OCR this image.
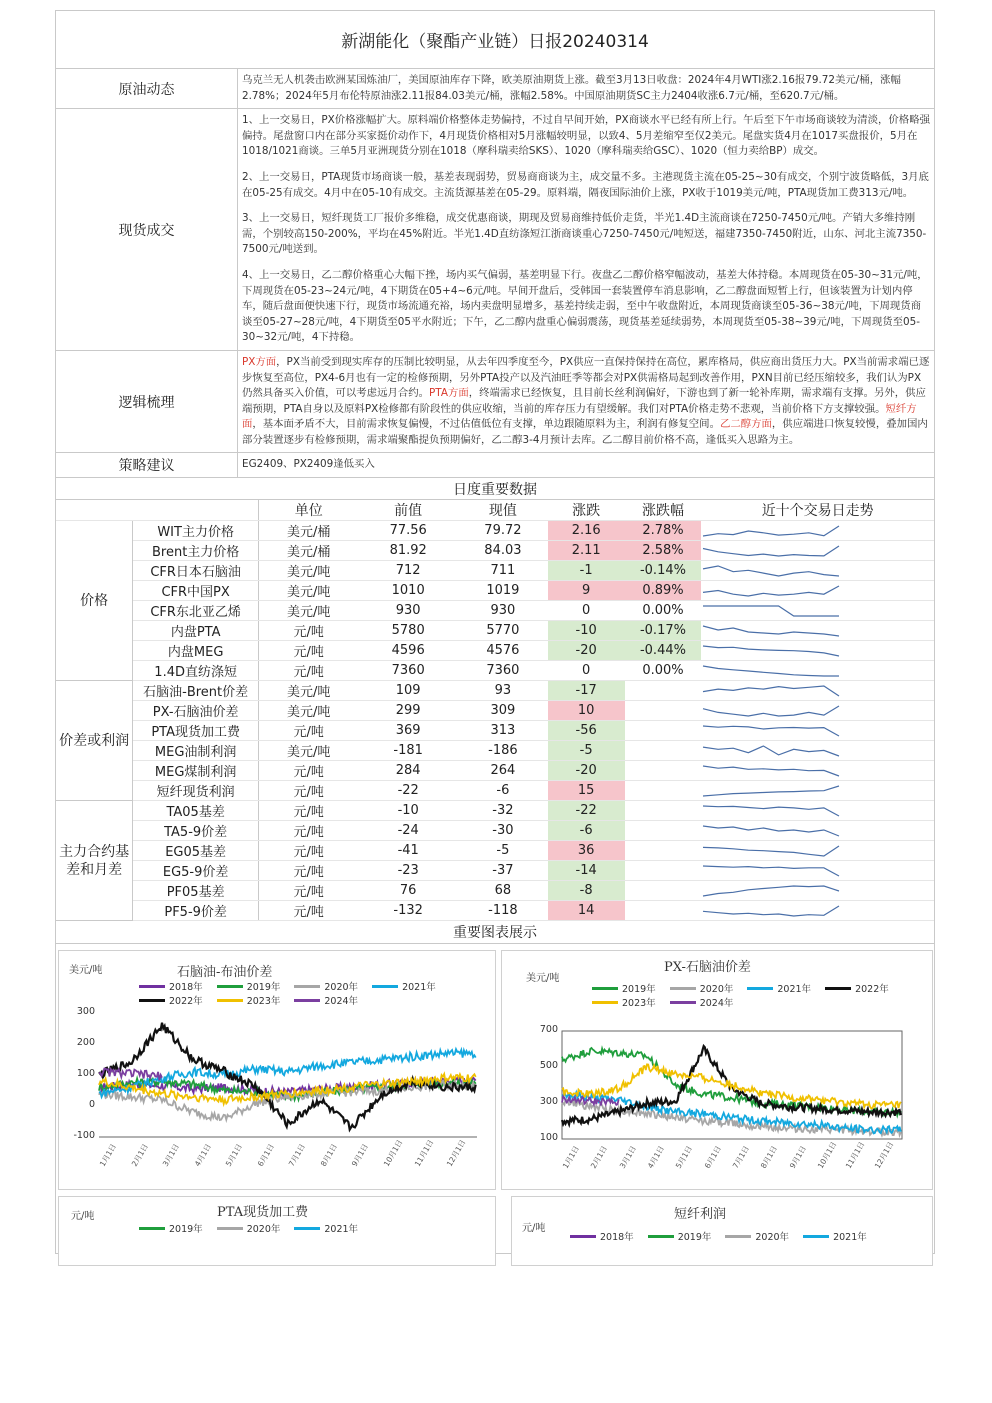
新湖能化（聚酯产业链）日报20240314
原油动态
乌克兰无人机袭击欧洲某国炼油厂，美国原油库存下降，欧美原油期货上涨。截至3月13日收盘：2024年4月WTI涨2.16报79.72美元/桶，涨幅2.78%；2024年5月布伦特原油涨2.11报84.03美元/桶，涨幅2.58%。中国原油期货SC主力2404收涨6.7元/桶，至620.7元/桶。
现货成交
1、上一交易日，PX价格涨幅扩大。原料端价格整体走势偏持，不过自早间开始，PX商谈水平已经有所上行。午后至下午市场商谈较为清淡，价格略强偏持。尾盘窗口内在部分买家挺价动作下，4月现货价格相对5月涨幅较明显，以致4、5月差缩窄至仅2美元。尾盘实货4月在1017买盘报价，5月在1018/1021商谈。三单5月亚洲现货分别在1018（摩科瑞卖给SKS）、1020（摩科瑞卖给GSC）、1020（恒力卖给BP）成交。
2、上一交易日，PTA现货市场商谈一般，基差表现弱势，贸易商商谈为主，成交量不多。主港现货主流在05-25~30有成交，个别宁波货略低，3月底在05-25有成交。4月中在05-10有成交。主流货源基差在05-29。原料端，隔夜国际油价上涨，PX收于1019美元/吨，PTA现货加工费313元/吨。
3、上一交易日，短纤现货工厂报价多维稳，成交优惠商谈，期现及贸易商维持低价走货，半光1.4D主流商谈在7250-7450元/吨。产销大多维持刚需，个别较高150-200%，平均在45%附近。半光1.4D直纺涤短江浙商谈重心7250-7450元/吨短送，福建7350-7450附近，山东、河北主流7350-7500元/吨送到。
4、上一交易日，乙二醇价格重心大幅下挫，场内买气偏弱，基差明显下行。夜盘乙二醇价格窄幅波动，基差大体持稳。本周现货在05-30~31元/吨，下周现货在05-23~24元/吨，4下期货在05+4~6元/吨。早间开盘后，受韩国一套装置停车消息影响，乙二醇盘面短暂上行，但该装置为计划内停车，随后盘面便快速下行，现货市场流通充裕，场内卖盘明显增多，基差持续走弱，至中午收盘附近，本周现货商谈至05-36~38元/吨，下周现货商谈至05-27~28元/吨，4下期货至05平水附近；下午，乙二醇内盘重心偏弱震荡，现货基差延续弱势，本周现货至05-38~39元/吨，下周现货至05-30~32元/吨，4下持稳。
逻辑梳理
PX方面，PX当前受到现实库存的压制比较明显，从去年四季度至今，PX供应一直保持保持在高位，累库格局，供应商出货压力大。PX当前需求端已逐步恢复至高位，PX4-6月也有一定的检修预期，另外PTA投产以及汽油旺季等都会对PX供需格局起到改善作用，PXN目前已经压缩较多，我们认为PX仍然具备买入价值，可以考虑远月合约。PTA方面，终端需求已经恢复，且目前长丝利润偏好，下游也到了新一轮补库期，需求端有支撑。另外，供应端预期，PTA自身以及原料PX检修都有阶段性的供应收缩，当前的库存压力有望缓解。我们对PTA价格走势不悲观，当前价格下方支撑较强。短纤方面，基本面矛盾不大，目前需求恢复偏慢，不过估值低位有支撑，单边跟随原料为主，利润有修复空间。乙二醇方面，供应端进口恢复较慢，叠加国内部分装置逐步有检修预期，需求端聚酯提负预期偏好，乙二醇3-4月预计去库。乙二醇目前价格不高，逢低买入思路为主。
策略建议	EG2409、PX2409逢低买入
日度重要数据
		单位	前值	现值	涨跌	涨跌幅	近十个交易日走势
价格	WIT主力价格	美元/桶	77.56	79.72	2.16	2.78%	

	Brent主力价格	美元/桶	81.92	84.03	2.11	2.58%	

	CFR日本石脑油	美元/吨	712	711	-1	-0.14%	

	CFR中国PX	美元/吨	1010	1019	9	0.89%	

	CFR东北亚乙烯	美元/吨	930	930	0	0.00%	

	内盘PTA	元/吨	5780	5770	-10	-0.17%	

	内盘MEG	元/吨	4596	4576	-20	-0.44%	

	1.4D直纺涤短	元/吨	7360	7360	0	0.00%	

价差或利润	石脑油-Brent价差	美元/吨	109	93	-17		

	PX-石脑油价差	美元/吨	299	309	10		

	PTA现货加工费	元/吨	369	313	-56		

	MEG油制利润	美元/吨	-181	-186	-5		

	MEG煤制利润	元/吨	284	264	-20		

	短纤现货利润	元/吨	-22	-6	15		

主力合约基差和月差	TA05基差	元/吨	-10	-32	-22		

	TA5-9价差	元/吨	-24	-30	-6		

	EG05基差	元/吨	-41	-5	36		

	EG5-9价差	元/吨	-23	-37	-14		

	PF05基差	元/吨	76	68	-8		

	PF5-9价差	元/吨	-132	-118	14		
重要图表展示
石脑油-布油价差
美元/吨
2018年	2019年	2020年	2021年
2022年	2023年	2024年
-100
0
100
200
300
1月1日 2月1日 3月1日 4月1日 5月1日 6月1日 7月1日 8月1日 9月1日 10月1日 11月1日 12月1日
PX-石脑油价差
美元/吨
2019年	2020年	2021年	2022年
2023年	2024年
100
300
500
700
1月1日 2月1日 3月1日 4月1日 5月1日 6月1日 7月1日 8月1日 9月1日 10月1日 11月1日 12月1日
PTA现货加工费
元/吨
2019年	2020年	2021年
短纤利润
元/吨
2018年	2019年	2020年	2021年
